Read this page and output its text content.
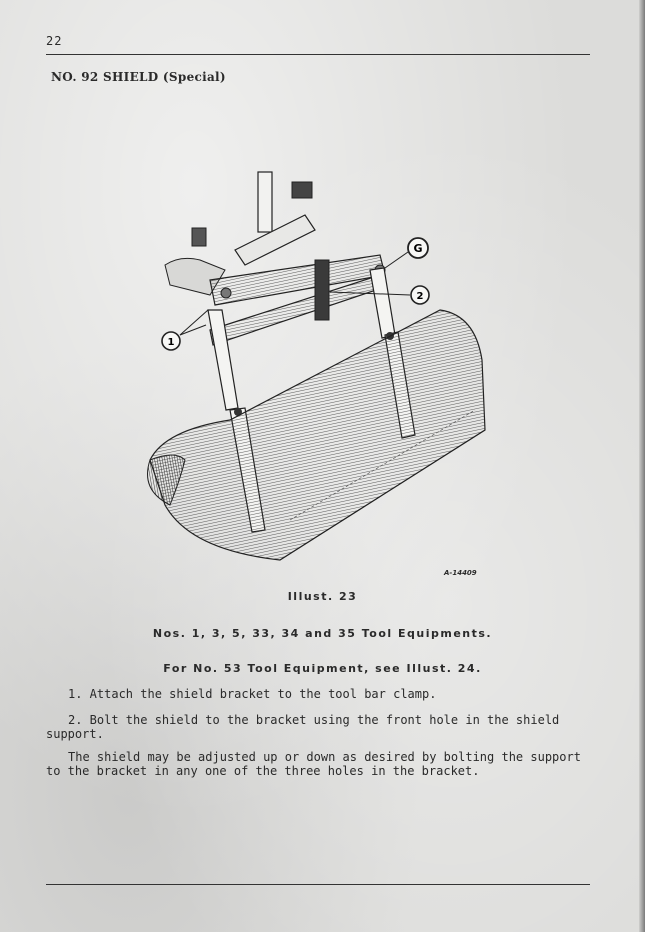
22
NO. 92 SHIELD (Special)
G
2
1
A-14409
Illust. 23
Nos. 1, 3, 5, 33, 34 and 35 Tool Equipments.
For No. 53 Tool Equipment, see Illust. 24.
1. Attach the shield bracket to the tool bar clamp.
2. Bolt the shield to the bracket using the front hole in the shield
support.
The shield may be adjusted up or down as desired by bolting the support
to the bracket in any one of the three holes in the bracket.
